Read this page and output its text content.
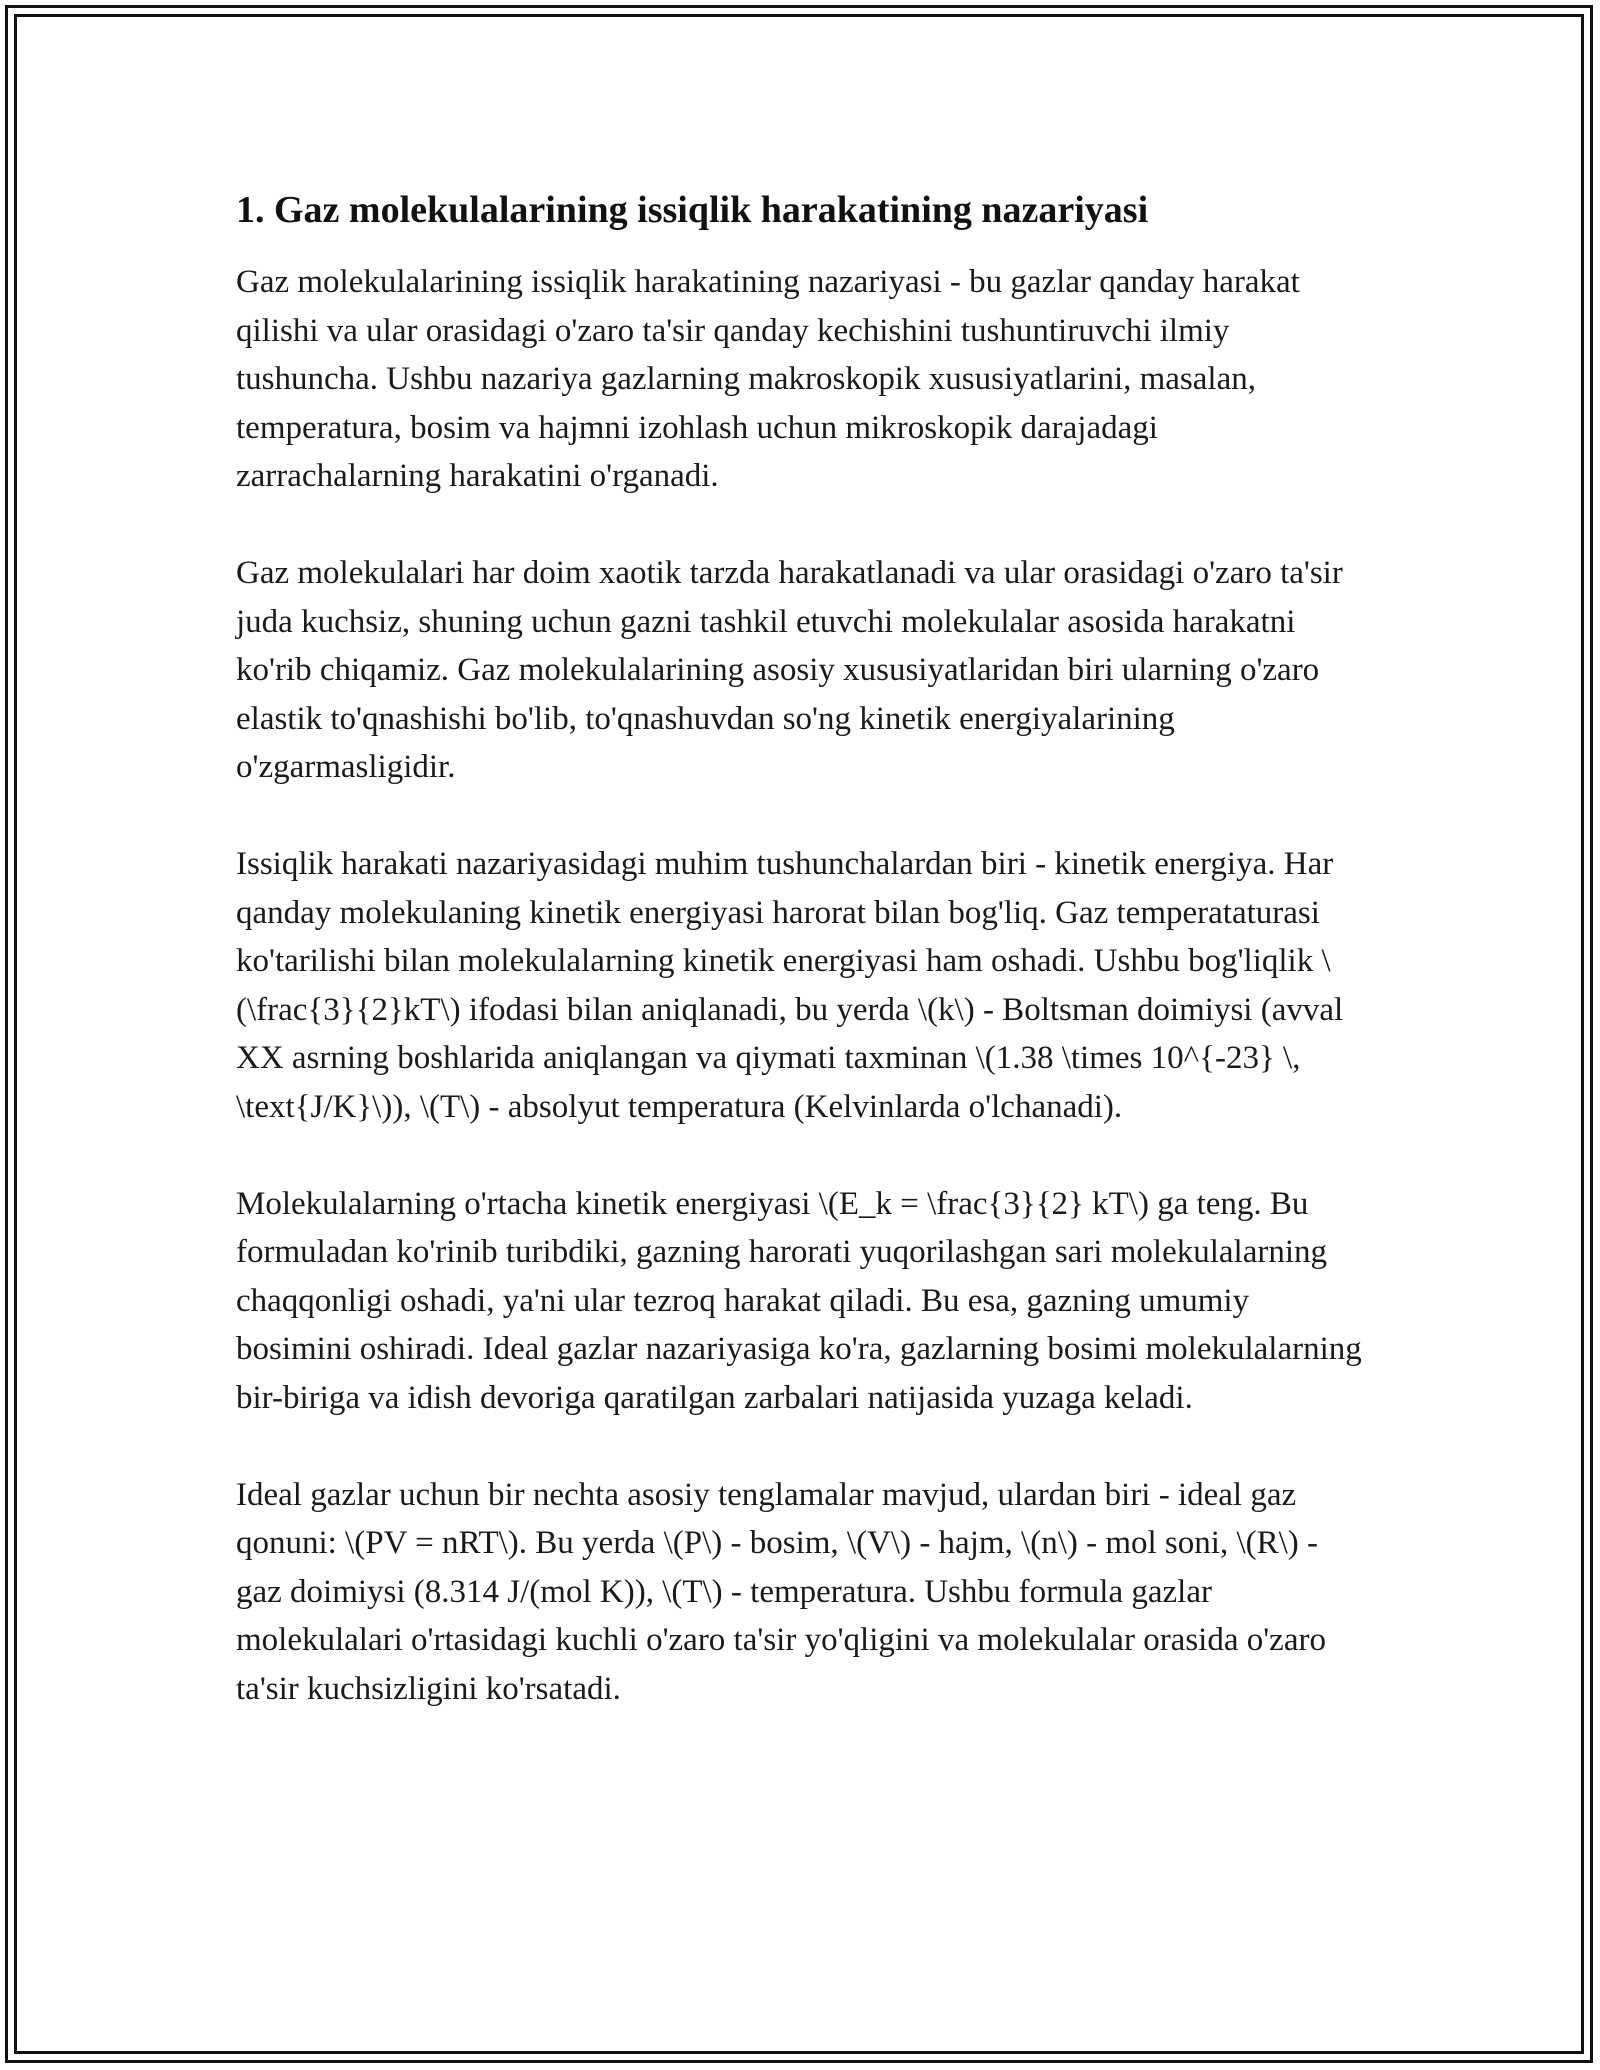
1. Gaz molekulalarining issiqlik harakatining nazariyasi

Gaz molekulalarining issiqlik harakatining nazariyasi - bu gazlar qanday harakat qilishi va ular orasidagi o'zaro ta'sir qanday kechishini tushuntiruvchi ilmiy tushuncha. Ushbu nazariya gazlarning makroskopik xususiyatlarini, masalan, temperatura, bosim va hajmni izohlash uchun mikroskopik darajadagi zarrachalarning harakatini o'rganadi.

Gaz molekulalari har doim xaotik tarzda harakatlanadi va ular orasidagi o'zaro ta'sir juda kuchsiz, shuning uchun gazni tashkil etuvchi molekulalar asosida harakatni ko'rib chiqamiz. Gaz molekulalarining asosiy xususiyatlaridan biri ularning o'zaro elastik to'qnashishi bo'lib, to'qnashuvdan so'ng kinetik energiyalarining o'zgarmasligidir.

Issiqlik harakati nazariyasidagi muhim tushunchalardan biri - kinetik energiya. Har qanday molekulaning kinetik energiyasi harorat bilan bog'liq. Gaz temperataturasi ko'tarilishi bilan molekulalarning kinetik energiyasi ham oshadi. Ushbu bog'liqlik \(\frac{3}{2}kT\) ifodasi bilan aniqlanadi, bu yerda \(k\) - Boltsman doimiysi (avval XX asrning boshlarida aniqlangan va qiymati taxminan \(1.38 \times 10^{-23} \, \text{J/K}\)), \(T\) - absolyut temperatura (Kelvinlarda o'lchanadi).

Molekulalarning o'rtacha kinetik energiyasi \(E_k = \frac{3}{2} kT\) ga teng. Bu formuladan ko'rinib turibdiki, gazning harorati yuqorilashgan sari molekulalarning chaqqonligi oshadi, ya'ni ular tezroq harakat qiladi. Bu esa, gazning umumiy bosimini oshiradi. Ideal gazlar nazariyasiga ko'ra, gazlarning bosimi molekulalarning bir-biriga va idish devoriga qaratilgan zarbalari natijasida yuzaga keladi.

Ideal gazlar uchun bir nechta asosiy tenglamalar mavjud, ulardan biri - ideal gaz qonuni: \(PV = nRT\). Bu yerda \(P\) - bosim, \(V\) - hajm, \(n\) - mol soni, \(R\) - gaz doimiysi (8.314 J/(mol K)), \(T\) - temperatura. Ushbu formula gazlar molekulalari o'rtasidagi kuchli o'zaro ta'sir yo'qligini va molekulalar orasida o'zaro ta'sir kuchsizligini ko'rsatadi.
